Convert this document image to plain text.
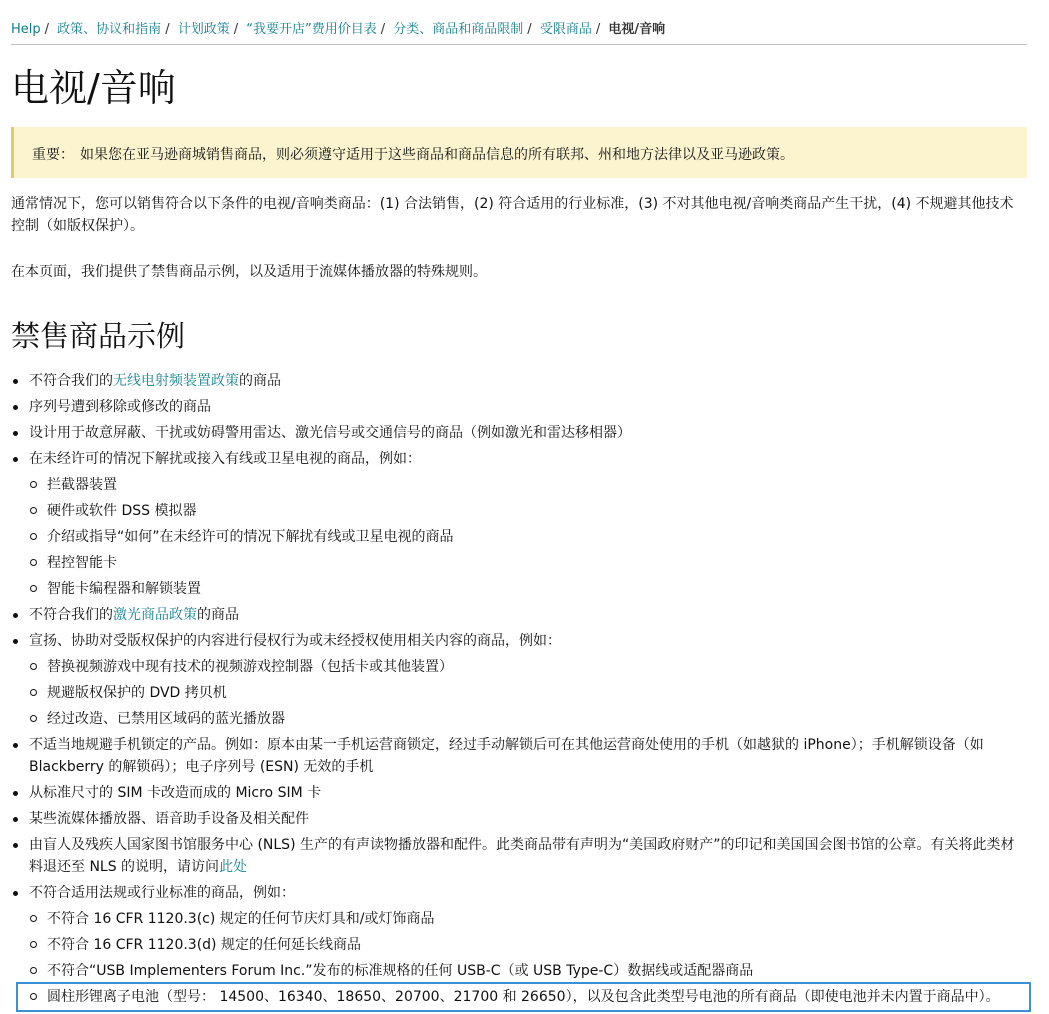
Help / 政策、协议和指南 / 计划政策 / “我要开店”费用价目表 / 分类、商品和商品限制 / 受限商品 / 电视/音响
电视/音响
重要： 如果您在亚马逊商城销售商品，则必须遵守适用于这些商品和商品信息的所有联邦、州和地方法律以及亚马逊政策。

通常情况下，您可以销售符合以下条件的电视/音响类商品：(1) 合法销售，(2) 符合适用的行业标准，(3) 不对其他电视/音响类商品产生干扰，(4) 不规避其他技术控制（如版权保护）。

在本页面，我们提供了禁售商品示例，以及适用于流媒体播放器的特殊规则。

禁售商品示例
不符合我们的无线电射频装置政策的商品
序列号遭到移除或修改的商品
设计用于故意屏蔽、干扰或妨碍警用雷达、激光信号或交通信号的商品（例如激光和雷达移相器）
在未经许可的情况下解扰或接入有线或卫星电视的商品，例如：
拦截器装置
硬件或软件 DSS 模拟器
介绍或指导“如何”在未经许可的情况下解扰有线或卫星电视的商品
程控智能卡
智能卡编程器和解锁装置
不符合我们的激光商品政策的商品
宣扬、协助对受版权保护的内容进行侵权行为或未经授权使用相关内容的商品，例如：
替换视频游戏中现有技术的视频游戏控制器（包括卡或其他装置）
规避版权保护的 DVD 拷贝机
经过改造、已禁用区域码的蓝光播放器
不适当地规避手机锁定的产品。例如：原本由某一手机运营商锁定，经过手动解锁后可在其他运营商处使用的手机（如越狱的 iPhone）；手机解锁设备（如 Blackberry 的解锁码）；电子序列号 (ESN) 无效的手机
从标准尺寸的 SIM 卡改造而成的 Micro SIM 卡
某些流媒体播放器、语音助手设备及相关配件
由盲人及残疾人国家图书馆服务中心 (NLS) 生产的有声读物播放器和配件。此类商品带有声明为“美国政府财产”的印记和美国国会图书馆的公章。有关将此类材料退还至 NLS 的说明，请访问此处
不符合适用法规或行业标准的商品，例如：
不符合 16 CFR 1120.3(c) 规定的任何节庆灯具和/或灯饰商品
不符合 16 CFR 1120.3(d) 规定的任何延长线商品
不符合“USB Implementers Forum Inc.”发布的标准规格的任何 USB-C（或 USB Type-C）数据线或适配器商品
圆柱形锂离子电池（型号： 14500、16340、18650、20700、21700 和 26650），以及包含此类型号电池的所有商品（即使电池并未内置于商品中）。
